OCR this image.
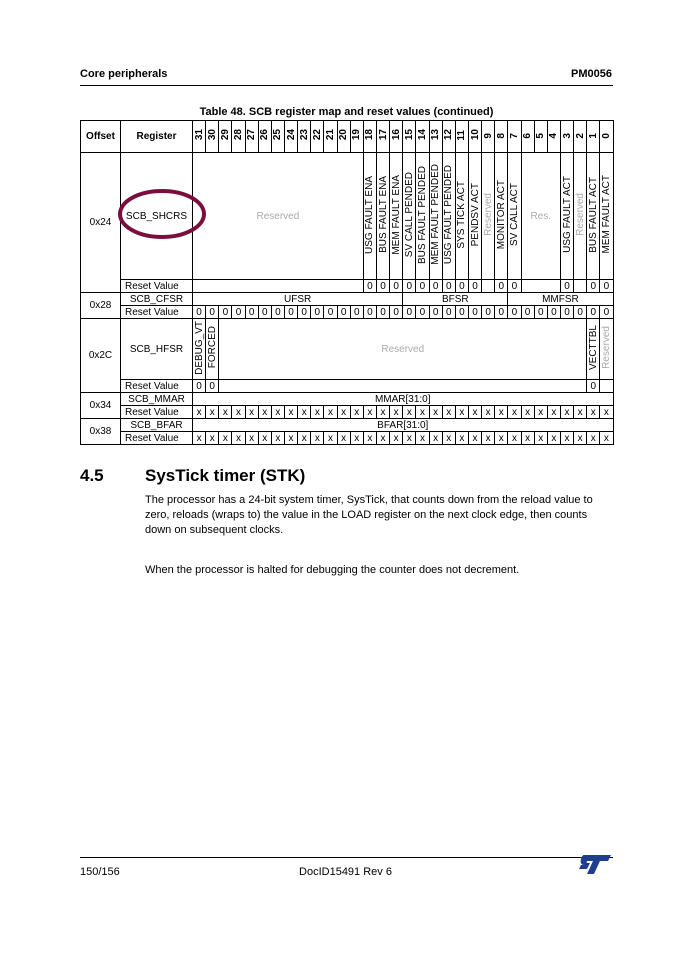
Core peripherals	PM0056
Table 48. SCB register map and reset values (continued)
Offset	Register	31	30	29	28	27	26	25	24	23	22	21	20	19	18	17	16	15	14	13	12	11	10	9	8	7	6	5	4	3	2	1	0
0x24	SCB_SHCRS	Reserved													USG FAULT ENA	BUS FAULT ENA	MEM FAULT ENA	SV CALL PENDED	BUS FAULT PENDED	MEM FAULT PENDED	USG FAULT PENDED	SYS TICK ACT	PENDSV ACT	Reserved	MONITOR ACT	SV CALL ACT	Res.			USG FAULT ACT	Reserved	BUS FAULT ACT	MEM FAULT ACT
	Reset Value														0	0	0	0	0	0	0	0	0		0	0				0		0	0
0x28	SCB_CFSR	UFSR																BFSR								MMFSR							
	Reset Value	0	0	0	0	0	0	0	0	0	0	0	0	0	0	0	0	0	0	0	0	0	0	0	0	0	0	0	0	0	0	0	0
0x2C	SCB_HFSR	DEBUG_VT	FORCED	Reserved																												VECTTBL	Reserved
	Reset Value	0	0																													0	
0x34	SCB_MMAR	MMAR[31:0]																															
	Reset Value	x	x	x	x	x	x	x	x	x	x	x	x	x	x	x	x	x	x	x	x	x	x	x	x	x	x	x	x	x	x	x	x
0x38	SCB_BFAR	BFAR[31:0]																															
	Reset Value	x	x	x	x	x	x	x	x	x	x	x	x	x	x	x	x	x	x	x	x	x	x	x	x	x	x	x	x	x	x	x	x
4.5 SysTick timer (STK)

The processor has a 24-bit system timer, SysTick, that counts down from the reload value to zero, reloads (wraps to) the value in the LOAD register on the next clock edge, then counts down on subsequent clocks.

When the processor is halted for debugging the counter does not decrement.

150/156	DocID15491 Rev 6
